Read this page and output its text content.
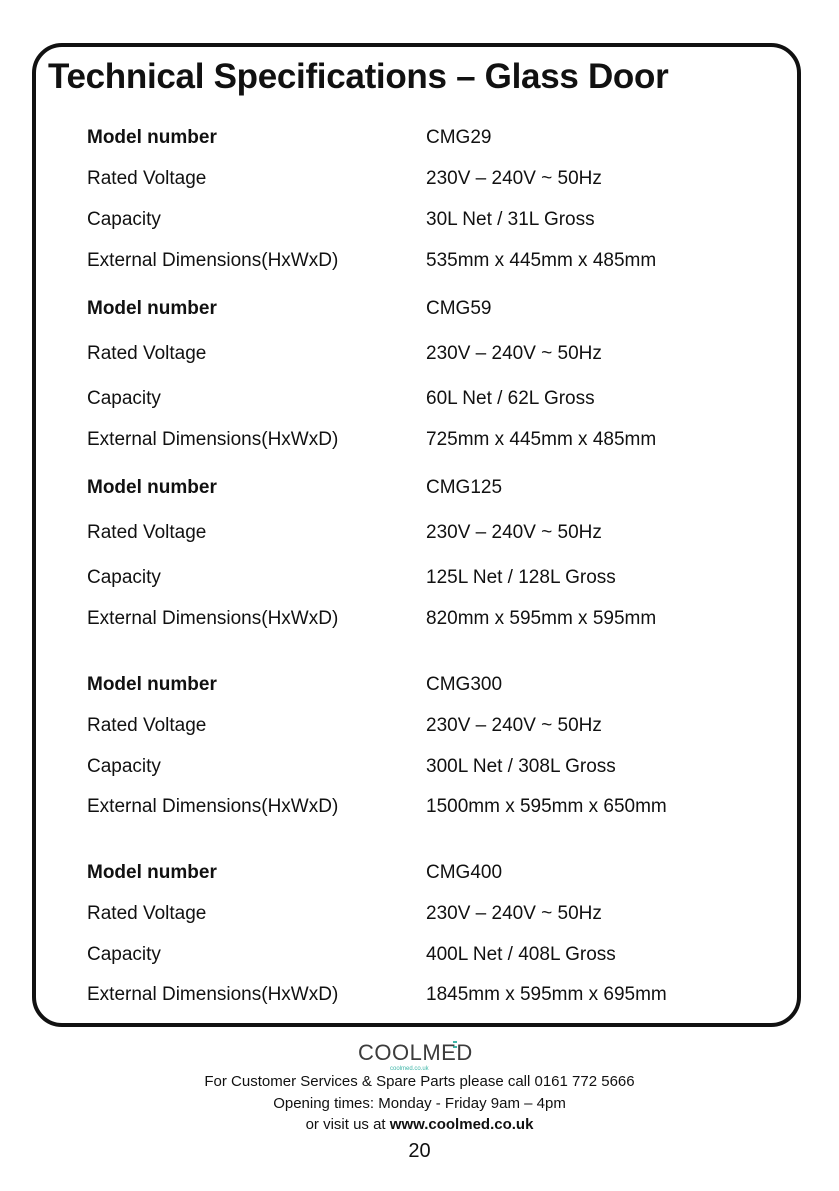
Technical Specifications – Glass Door
Model number	CMG29
Rated Voltage	230V – 240V ~ 50Hz
Capacity	30L Net / 31L Gross
External Dimensions(HxWxD)	535mm x 445mm x 485mm
Model number	CMG59
Rated Voltage	230V – 240V ~ 50Hz
Capacity	60L Net / 62L Gross
External Dimensions(HxWxD)	725mm x 445mm x 485mm
Model number	CMG125
Rated Voltage	230V – 240V ~ 50Hz
Capacity	125L Net / 128L Gross
External Dimensions(HxWxD)	820mm x 595mm x 595mm
Model number	CMG300
Rated Voltage	230V – 240V ~ 50Hz
Capacity	300L Net / 308L Gross
External Dimensions(HxWxD)	1500mm x 595mm x 650mm
Model number	CMG400
Rated Voltage	230V – 240V ~ 50Hz
Capacity	400L Net / 408L Gross
External Dimensions(HxWxD)	1845mm x 595mm x 695mm
COOLMED
coolmed.co.uk
For Customer Services & Spare Parts please call 0161 772 5666
Opening times: Monday - Friday 9am – 4pm
or visit us at www.coolmed.co.uk
20
